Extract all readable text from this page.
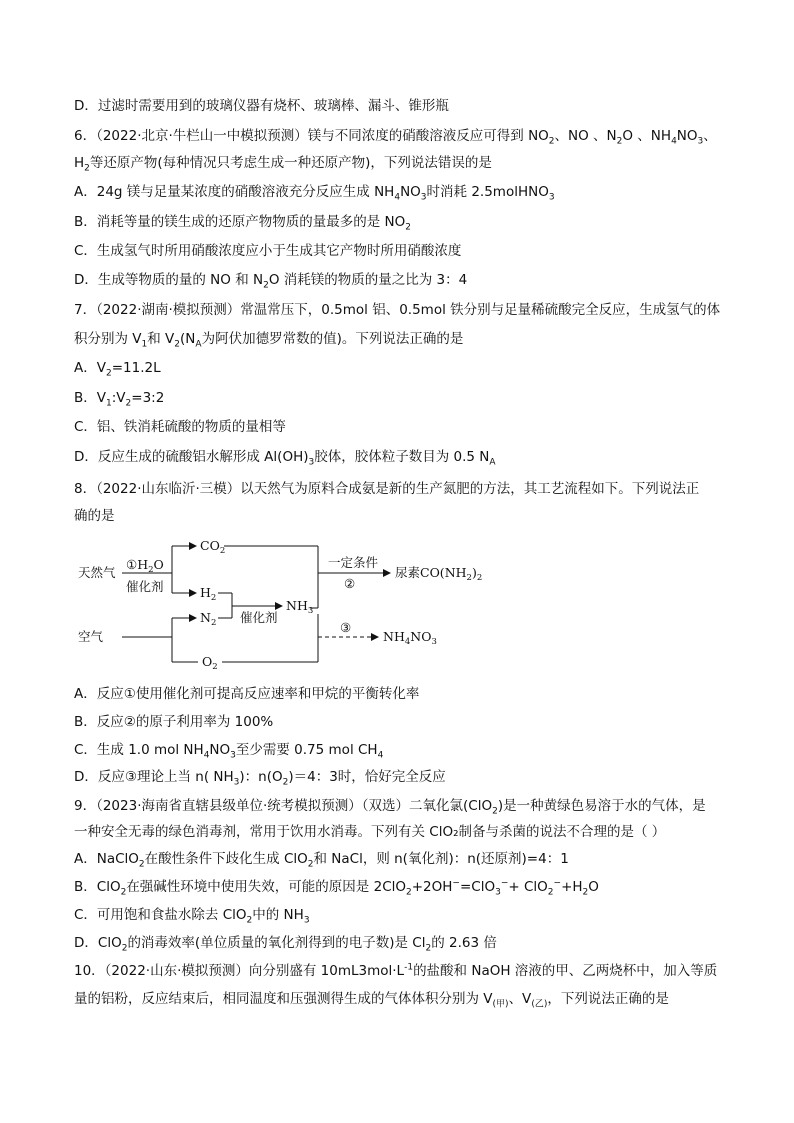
D．过滤时需要用到的玻璃仪器有烧杯、玻璃棒、漏斗、锥形瓶
6．（2022·北京·牛栏山一中模拟预测）镁与不同浓度的硝酸溶液反应可得到 $NO_2$、NO 、$N_2O$ 、$NH_4NO_3$、
$H_2$等还原产物(每种情况只考虑生成一种还原产物)，下列说法错误的是
A．24g 镁与足量某浓度的硝酸溶液充分反应生成 $NH_4NO_3$时消耗 2.5molHNO$_3$
B．消耗等量的镁生成的还原产物物质的量最多的是 $NO_2$
C．生成氢气时所用硝酸浓度应小于生成其它产物时所用硝酸浓度
D．生成等物质的量的 NO 和 $N_2O$ 消耗镁的物质的量之比为 3：4
7．（2022·湖南·模拟预测）常温常压下，0.5mol 铝、0.5mol 铁分别与足量稀硫酸完全反应，生成氢气的体
积分别为 $V_1$和 $V_2(N_A$为阿伏加德罗常数的值)。下列说法正确的是
A．$V_2=11.2L$
B．$V_1:V_2=3:2$
C．铝、铁消耗硫酸的物质的量相等
D．反应生成的硫酸铝水解形成 $Al(OH)_3$胶体，胶体粒子数目为 0.5 $N_A$
8．（2022·山东临沂·三模）以天然气为原料合成氨是新的生产氮肥的方法，其工艺流程如下。下列说法正
确的是
天然气
$①H_2O$
催化剂
$CO_2$
$H_2$
$N_2$ 催化剂
$NH_3$
一定条件
②
尿素$CO(NH_2)_2$
空气
$O_2$
③
$NH_4NO_3$
A．反应①使用催化剂可提高反应速率和甲烷的平衡转化率
B．反应②的原子利用率为 100%
C．生成 1.0 mol $NH_4NO_3$至少需要 0.75 mol $CH_4$
D．反应③理论上当 n( $NH_3$)：$n(O_2)=4$：3时，恰好完全反应
9．（2023·海南省直辖县级单位·统考模拟预测）（双选）二氧化氯(ClO$_2$)是一种黄绿色易溶于水的气体，是
一种安全无毒的绿色消毒剂，常用于饮用水消毒。下列有关 ClO₂制备与杀菌的说法不合理的是（ ）
A．NaClO$_2$在酸性条件下歧化生成 ClO$_2$和 NaCl，则 n(氧化剂)：n(还原剂)=4：1
B．ClO$_2$在强碱性环境中使用失效，可能的原因是 $2ClO_2+2OH^-=ClO_3^-+ ClO_2^-+H_2O$
C．可用饱和食盐水除去 ClO$_2$中的 $NH_3$
D．ClO$_2$的消毒效率(单位质量的氧化剂得到的电子数)是 $Cl_2$的 2.63 倍
10．（2022·山东·模拟预测）向分别盛有 $10mL3mol\cdot L^{-1}$的盐酸和 NaOH 溶液的甲、乙两烧杯中，加入等质
量的铝粉，反应结束后，相同温度和压强测得生成的气体体积分别为 $V_{(甲)}$、$V_{(乙)}$，下列说法正确的是
